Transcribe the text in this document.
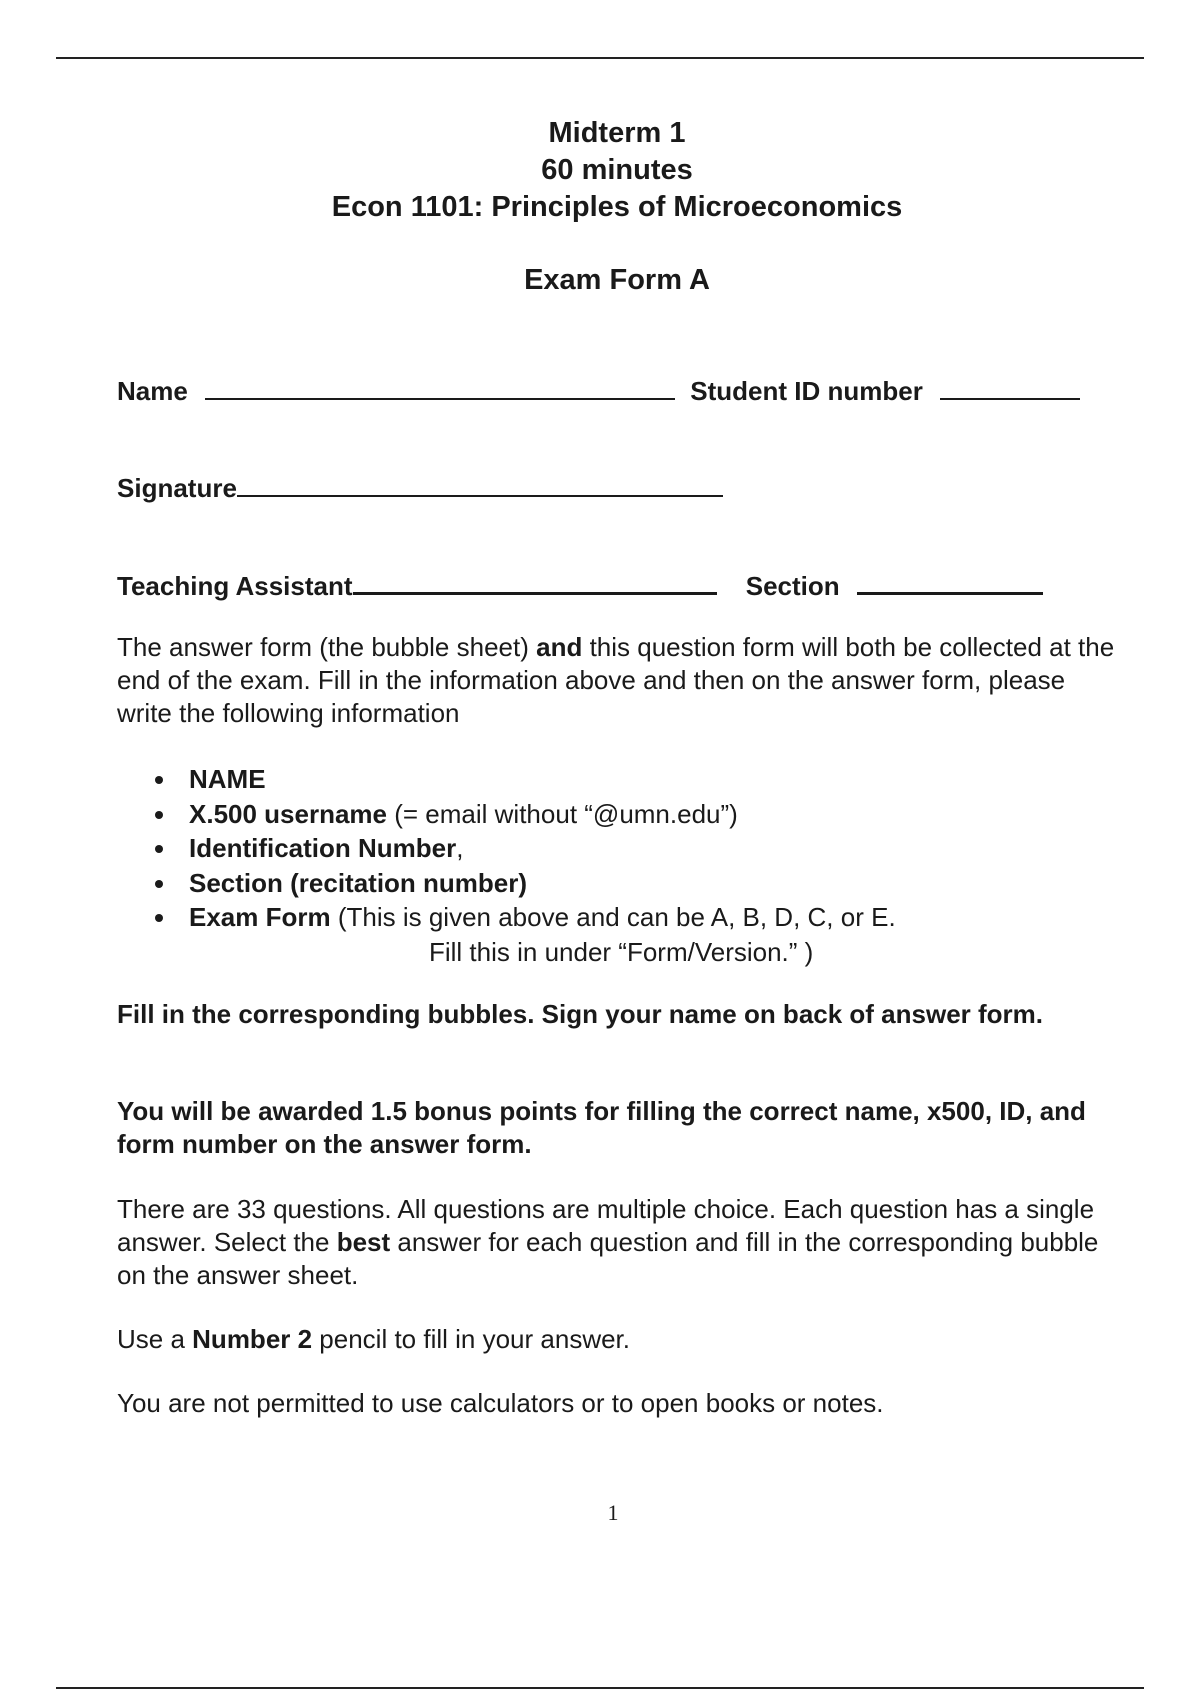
Midterm 1
60 minutes
Econ 1101: Principles of Microeconomics
Exam Form A
Name	Student ID number
Signature
Teaching Assistant	Section
The answer form (the bubble sheet) and this question form will both be collected at the end of the exam. Fill in the information above and then on the answer form, please write the following information
NAME
X.500 username (= email without “@umn.edu”)
Identification Number,
Section (recitation number)
Exam Form (This is given above and can be A, B, D, C, or E.
Fill this in under “Form/Version.” )
Fill in the corresponding bubbles. Sign your name on back of answer form.
You will be awarded 1.5 bonus points for filling the correct name, x500, ID, and form number on the answer form.
There are 33 questions. All questions are multiple choice. Each question has a single answer. Select the best answer for each question and fill in the corresponding bubble on the answer sheet.
Use a Number 2 pencil to fill in your answer.
You are not permitted to use calculators or to open books or notes.
1
